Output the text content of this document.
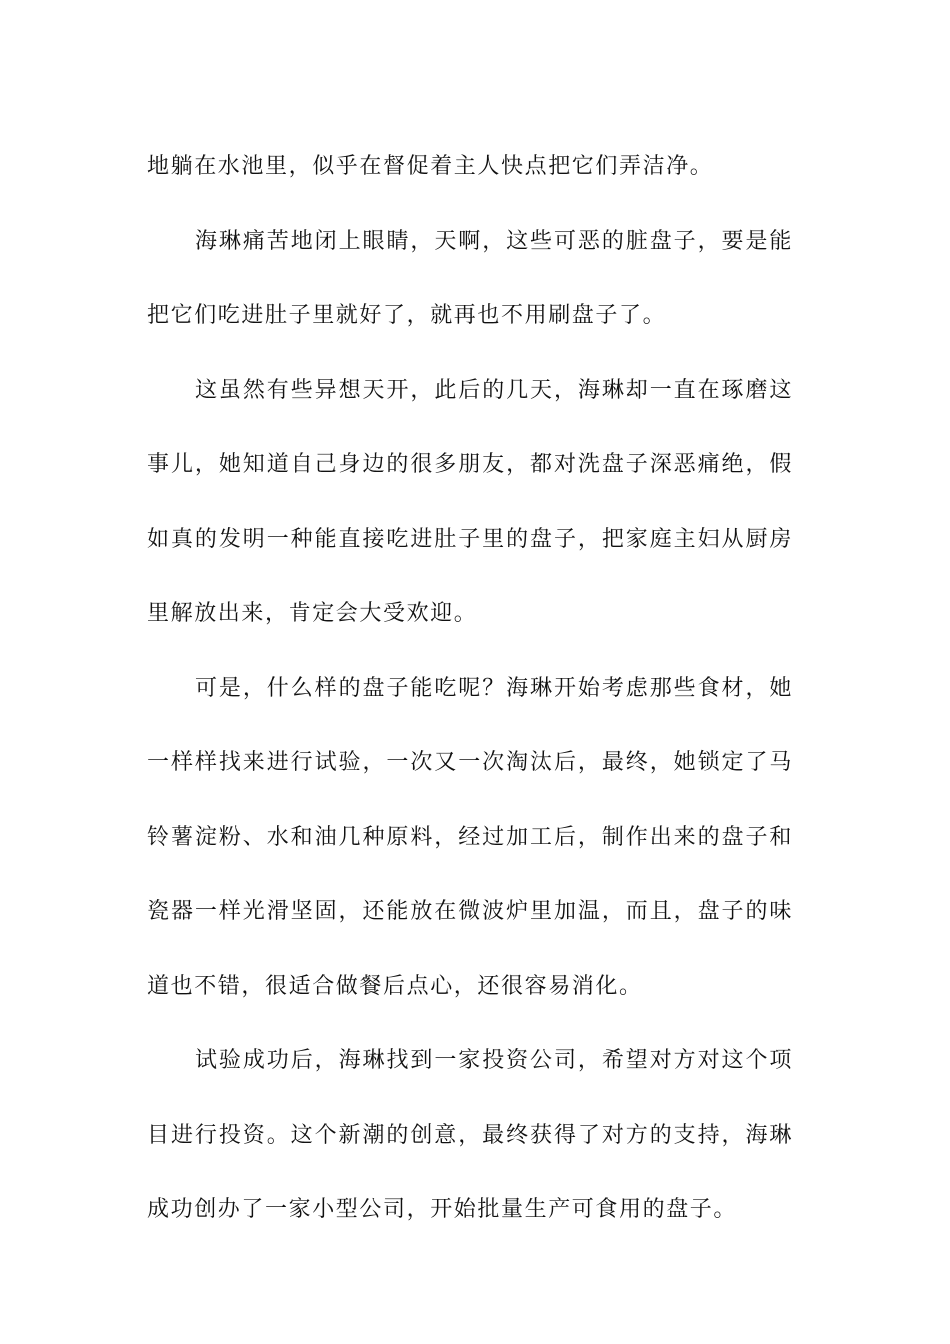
地躺在水池里，似乎在督促着主人快点把它们弄洁净。

海琳痛苦地闭上眼睛，天啊，这些可恶的脏盘子，要是能把它们吃进肚子里就好了，就再也不用刷盘子了。

这虽然有些异想天开，此后的几天，海琳却一直在琢磨这事儿，她知道自己身边的很多朋友，都对洗盘子深恶痛绝，假如真的发明一种能直接吃进肚子里的盘子，把家庭主妇从厨房里解放出来，肯定会大受欢迎。

可是，什么样的盘子能吃呢？海琳开始考虑那些食材，她一样样找来进行试验，一次又一次淘汰后，最终，她锁定了马铃薯淀粉、水和油几种原料，经过加工后，制作出来的盘子和瓷器一样光滑坚固，还能放在微波炉里加温，而且，盘子的味道也不错，很适合做餐后点心，还很容易消化。

试验成功后，海琳找到一家投资公司，希望对方对这个项目进行投资。这个新潮的创意，最终获得了对方的支持，海琳成功创办了一家小型公司，开始批量生产可食用的盘子。
